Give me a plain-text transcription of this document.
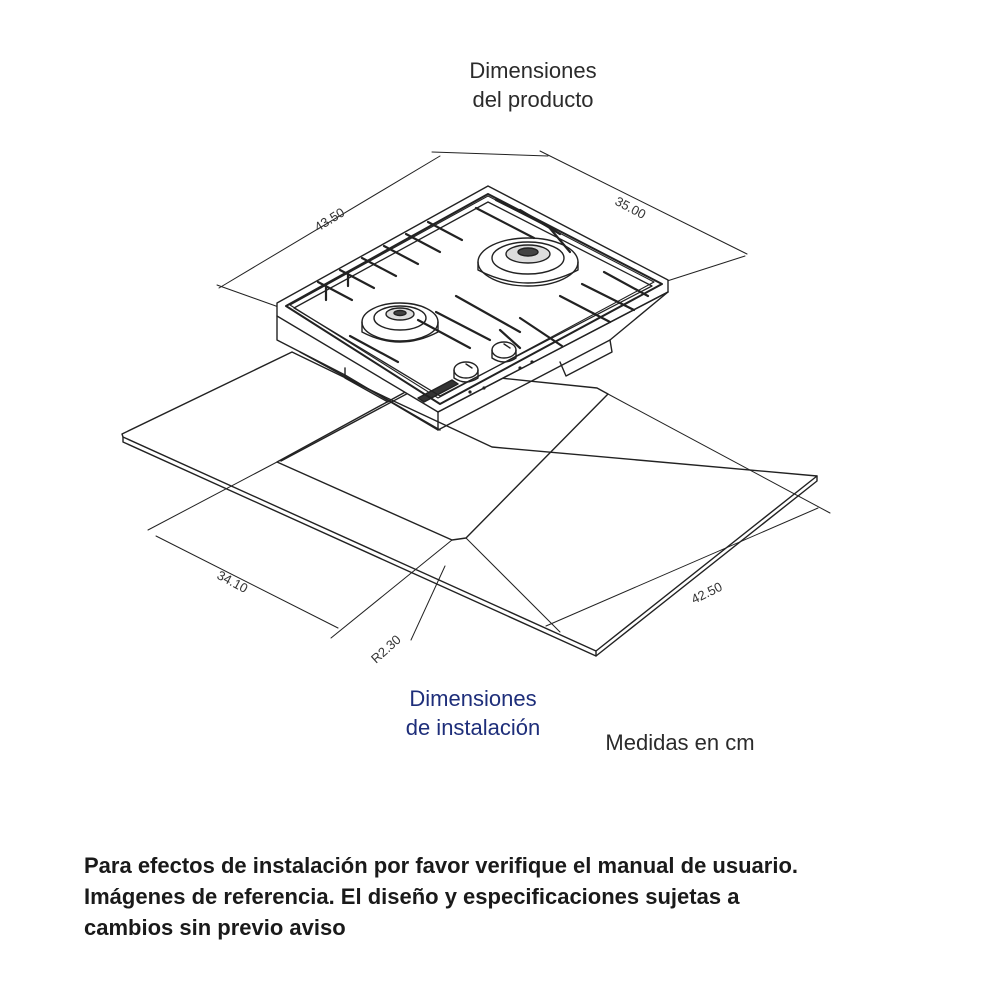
Dimensiones
del producto
43.50	35.00
34.10	42.50
R2.30
Dimensiones
de instalación
Medidas en cm
Para efectos de instalación por favor verifique el manual de usuario.
Imágenes de referencia. El diseño y especificaciones sujetas a
cambios sin previo aviso
